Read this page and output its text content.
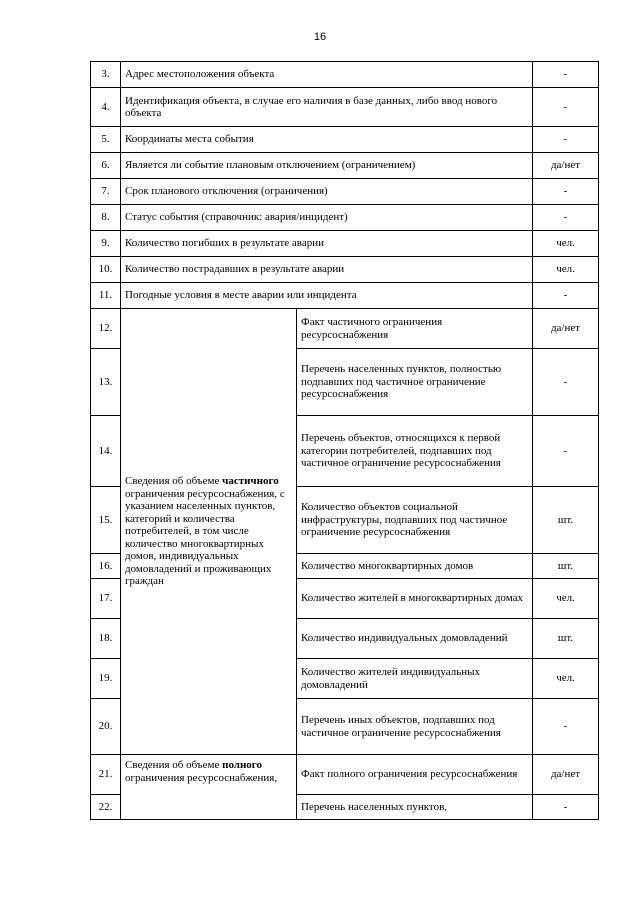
16
3.	Адрес местоположения объекта		-
4.	Идентификация объекта, в случае его наличия в базе данных, либо ввод нового объекта		-
5.	Координаты места события		-
6.	Является ли событие плановым отключением (ограничением)		да/нет
7.	Срок планового отключения (ограничения)		-
8.	Статус события (справочник: авария/инцидент)		-
9.	Количество погибших в результате аварии		чел.
10.	Количество пострадавших в результате аварии		чел.
11.	Погодные условия в месте аварии или инцидента		-
12.	Сведения об объеме частичного ограничения ресурсоснабжения, с указанием населенных пунктов, категорий и количества потребителей, в том числе количество многоквартирных домов, индивидуальных домовладений и проживающих граждан	Факт частичного ограничения ресурсоснабжения	да/нет
13.		Перечень населенных пунктов, полностью подпавших под частичное ограничение ресурсоснабжения	-
14.		Перечень объектов, относящихся к первой категории потребителей, подпавших под частичное ограничение ресурсоснабжения	-
15.		Количество объектов социальной инфраструктуры, подпавших под частичное ограничение ресурсоснабжения	шт.
16.		Количество многоквартирных домов	шт.
17.		Количество жителей в многоквартирных домах	чел.
18.		Количество индивидуальных домовладений	шт.
19.		Количество жителей индивидуальных домовладений	чел.
20.		Перечень иных объектов, подпавших под частичное ограничение ресурсоснабжения	-
21.	Сведения об объеме полного ограничения ресурсоснабжения,	Факт полного ограничения ресурсоснабжения	да/нет
22.		Перечень населенных пунктов,	-
